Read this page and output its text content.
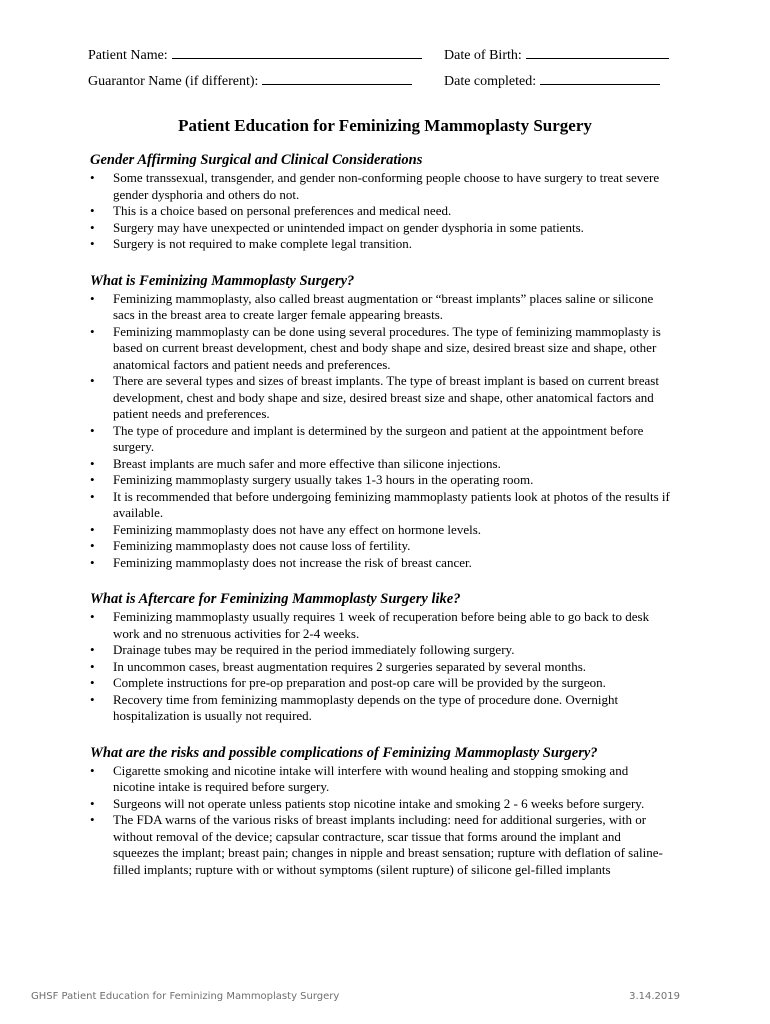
Patient Name:	Date of Birth:
Guarantor Name (if different):	Date completed:
Patient Education for Feminizing Mammoplasty Surgery
Gender Affirming Surgical and Clinical Considerations
• Some transsexual, transgender, and gender non-conforming people choose to have surgery to treat severe gender dysphoria and others do not.
• This is a choice based on personal preferences and medical need.
• Surgery may have unexpected or unintended impact on gender dysphoria in some patients.
• Surgery is not required to make complete legal transition.
What is Feminizing Mammoplasty Surgery?
• Feminizing mammoplasty, also called breast augmentation or “breast implants” places saline or silicone sacs in the breast area to create larger female appearing breasts.
• Feminizing mammoplasty can be done using several procedures. The type of feminizing mammoplasty is based on current breast development, chest and body shape and size, desired breast size and shape, other anatomical factors and patient needs and preferences.
• There are several types and sizes of breast implants. The type of breast implant is based on current breast development, chest and body shape and size, desired breast size and shape, other anatomical factors and patient needs and preferences.
• The type of procedure and implant is determined by the surgeon and patient at the appointment before surgery.
• Breast implants are much safer and more effective than silicone injections.
• Feminizing mammoplasty surgery usually takes 1-3 hours in the operating room.
• It is recommended that before undergoing feminizing mammoplasty patients look at photos of the results if available.
• Feminizing mammoplasty does not have any effect on hormone levels.
• Feminizing mammoplasty does not cause loss of fertility.
• Feminizing mammoplasty does not increase the risk of breast cancer.
What is Aftercare for Feminizing Mammoplasty Surgery like?
• Feminizing mammoplasty usually requires 1 week of recuperation before being able to go back to desk work and no strenuous activities for 2-4 weeks.
• Drainage tubes may be required in the period immediately following surgery.
• In uncommon cases, breast augmentation requires 2 surgeries separated by several months.
• Complete instructions for pre-op preparation and post-op care will be provided by the surgeon.
• Recovery time from feminizing mammoplasty depends on the type of procedure done. Overnight hospitalization is usually not required.
What are the risks and possible complications of Feminizing Mammoplasty Surgery?
• Cigarette smoking and nicotine intake will interfere with wound healing and stopping smoking and nicotine intake is required before surgery.
• Surgeons will not operate unless patients stop nicotine intake and smoking 2 - 6 weeks before surgery.
• The FDA warns of the various risks of breast implants including: need for additional surgeries, with or without removal of the device; capsular contracture, scar tissue that forms around the implant and squeezes the implant; breast pain; changes in nipple and breast sensation; rupture with deflation of saline-filled implants; rupture with or without symptoms (silent rupture) of silicone gel-filled implants
GHSF Patient Education for Feminizing Mammoplasty Surgery	3.14.2019
